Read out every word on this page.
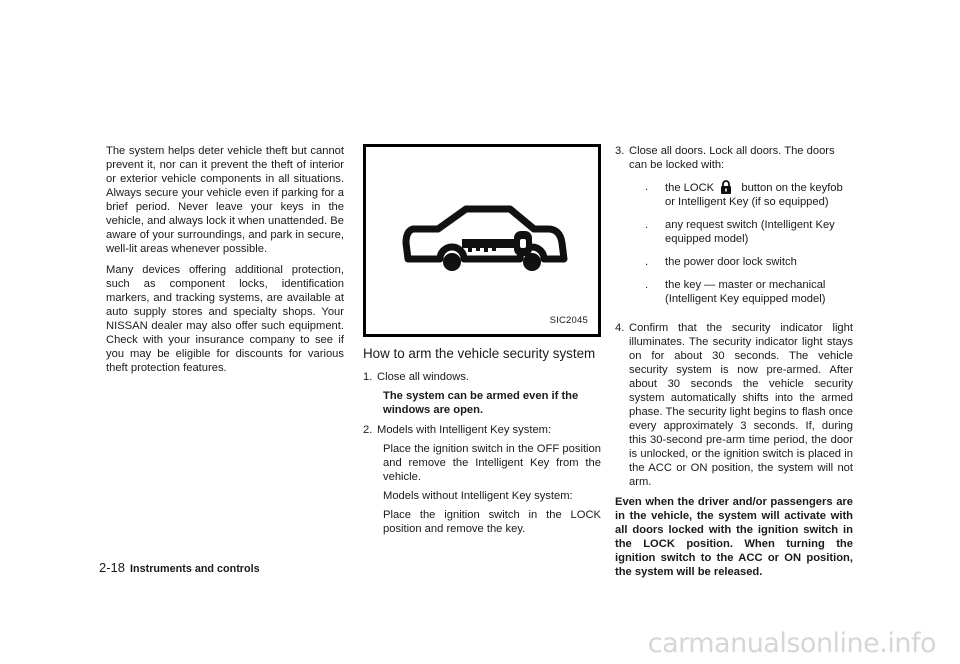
The system helps deter vehicle theft but cannot prevent it, nor can it prevent the theft of interior or exterior vehicle components in all situations. Always secure your vehicle even if parking for a brief period. Never leave your keys in the vehicle, and always lock it when unattended. Be aware of your surroundings, and park in secure, well-lit areas whenever possible.

Many devices offering additional protection, such as component locks, identification markers, and tracking systems, are available at auto supply stores and specialty shops. Your NISSAN dealer may also offer such equipment. Check with your insurance company to see if you may be eligible for discounts for various theft protection features.

SIC2045
How to arm the vehicle security system
1. Close all windows.

The system can be armed even if the windows are open.

2. Models with Intelligent Key system:

Place the ignition switch in the OFF position and remove the Intelligent Key from the vehicle.

Models without Intelligent Key system:

Place the ignition switch in the LOCK position and remove the key.

3. Close all doors. Lock all doors. The doors can be locked with:

.	the LOCK button on the keyfob or Intelligent Key (if so equipped)
.	any request switch (Intelligent Key equipped model)
.	the power door lock switch
.	the key — master or mechanical (Intelligent Key equipped model)
4. Confirm that the security indicator light illuminates. The security indicator light stays on for about 30 seconds. The vehicle security system is now pre-armed. After about 30 seconds the vehicle security system automatically shifts into the armed phase. The security light begins to flash once every approximately 3 seconds. If, during this 30-second pre-arm time period, the door is unlocked, or the ignition switch is placed in the ACC or ON position, the system will not arm.

Even when the driver and/or passengers are in the vehicle, the system will activate with all doors locked with the ignition switch in the LOCK position. When turning the ignition switch to the ACC or ON position, the system will be released.

2-18 Instruments and controls
carmanualsonline.info
